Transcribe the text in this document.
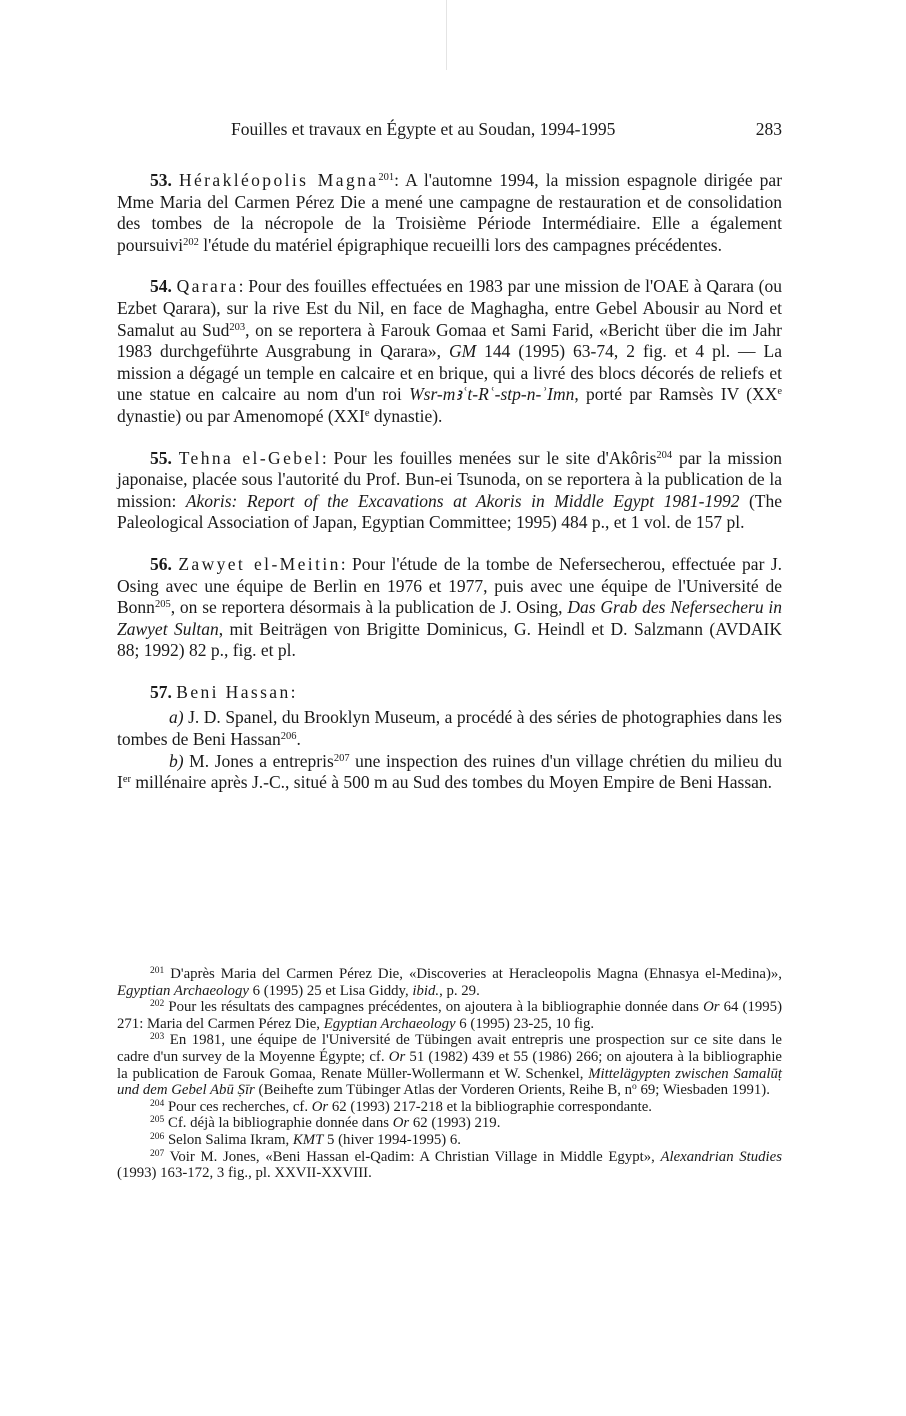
Fouilles et travaux en Égypte et au Soudan, 1994-1995	283

53. Hérakléopolis Magna$^{201}$: A l'automne 1994, la mission espagnole dirigée par Mme Maria del Carmen Pérez Die a mené une campagne de restauration et de consolidation des tombes de la nécropole de la Troisième Période Intermédiaire. Elle a également poursuivi$^{202}$ l'étude du matériel épigraphique recueilli lors des campagnes précédentes.

54. Qarara: Pour des fouilles effectuées en 1983 par une mission de l'OAE à Qarara (ou Ezbet Qarara), sur la rive Est du Nil, en face de Maghagha, entre Gebel Abousir au Nord et Samalut au Sud$^{203}$, on se reportera à Farouk Gomaa et Sami Farid, «Bericht über die im Jahr 1983 durchgeführte Ausgrabung in Qarara», GM 144 (1995) 63-74, 2 fig. et 4 pl. — La mission a dégagé un temple en calcaire et en brique, qui a livré des blocs décorés de reliefs et une statue en calcaire au nom d'un roi Wsr-mꜣʿt-Rʿ-stp-n-ʾImn, porté par Ramsès IV (XXe dynastie) ou par Amenomopé (XXIe dynastie).

55. Tehna el-Gebel: Pour les fouilles menées sur le site d'Akôris$^{204}$ par la mission japonaise, placée sous l'autorité du Prof. Bun-ei Tsunoda, on se reportera à la publication de la mission: Akoris: Report of the Excavations at Akoris in Middle Egypt 1981-1992 (The Paleological Association of Japan, Egyptian Committee; 1995) 484 p., et 1 vol. de 157 pl.

56. Zawyet el-Meitin: Pour l'étude de la tombe de Nefersecherou, effectuée par J. Osing avec une équipe de Berlin en 1976 et 1977, puis avec une équipe de l'Université de Bonn$^{205}$, on se reportera désormais à la publication de J. Osing, Das Grab des Nefersecheru in Zawyet Sultan, mit Beiträgen von Brigitte Dominicus, G. Heindl et D. Salzmann (AVDAIK 88; 1992) 82 p., fig. et pl.

57. Beni Hassan:

a) J. D. Spanel, du Brooklyn Museum, a procédé à des séries de photographies dans les tombes de Beni Hassan$^{206}$.

b) M. Jones a entrepris$^{207}$ une inspection des ruines d'un village chrétien du milieu du Ier millénaire après J.-C., situé à 500 m au Sud des tombes du Moyen Empire de Beni Hassan.

$^{201}$ D'après Maria del Carmen Pérez Die, «Discoveries at Heracleopolis Magna (Ehnasya el-Medina)», Egyptian Archaeology 6 (1995) 25 et Lisa Giddy, ibid., p. 29.

$^{202}$ Pour les résultats des campagnes précédentes, on ajoutera à la bibliographie donnée dans Or 64 (1995) 271: Maria del Carmen Pérez Die, Egyptian Archaeology 6 (1995) 23-25, 10 fig.

$^{203}$ En 1981, une équipe de l'Université de Tübingen avait entrepris une prospection sur ce site dans le cadre d'un survey de la Moyenne Égypte; cf. Or 51 (1982) 439 et 55 (1986) 266; on ajoutera à la bibliographie la publication de Farouk Gomaa, Renate Müller-Wollermann et W. Schenkel, Mittelägypten zwischen Samalūṭ und dem Gebel Abū Ṣīr (Beihefte zum Tübinger Atlas der Vorderen Orients, Reihe B, $n^o$ 69; Wiesbaden 1991).

$^{204}$ Pour ces recherches, cf. Or 62 (1993) 217-218 et la bibliographie correspondante.

$^{205}$ Cf. déjà la bibliographie donnée dans Or 62 (1993) 219.

$^{206}$ Selon Salima Ikram, KMT 5 (hiver 1994-1995) 6.

$^{207}$ Voir M. Jones, «Beni Hassan el-Qadim: A Christian Village in Middle Egypt», Alexandrian Studies (1993) 163-172, 3 fig., pl. XXVII-XXVIII.
